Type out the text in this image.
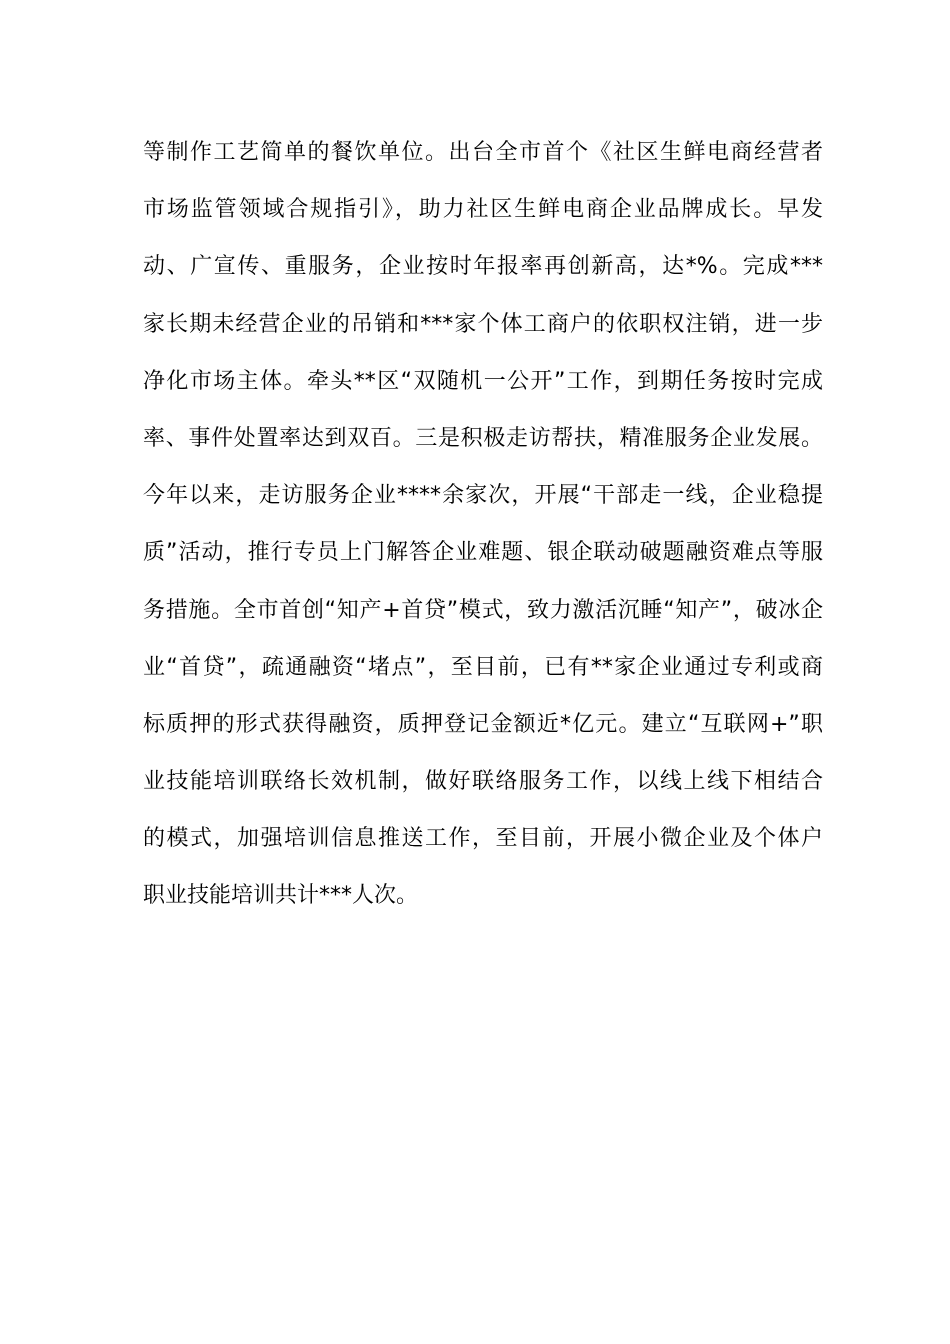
等制作工艺简单的餐饮单位。出台全市首个《社区生鲜电商经营者
市场监管领域合规指引》，助力社区生鲜电商企业品牌成长。早发
动、广宣传、重服务，企业按时年报率再创新高，达*%。完成***
家长期未经营企业的吊销和***家个体工商户的依职权注销，进一步
净化市场主体。牵头**区“双随机一公开”工作，到期任务按时完成
率、事件处置率达到双百。三是积极走访帮扶，精准服务企业发展。
今年以来，走访服务企业****余家次，开展“干部走一线，企业稳提
质”活动，推行专员上门解答企业难题、银企联动破题融资难点等服
务措施。全市首创“知产+首贷”模式，致力激活沉睡“知产”，破冰企
业“首贷”，疏通融资“堵点”，至目前，已有**家企业通过专利或商
标质押的形式获得融资，质押登记金额近*亿元。建立“互联网+”职
业技能培训联络长效机制，做好联络服务工作，以线上线下相结合
的模式，加强培训信息推送工作，至目前，开展小微企业及个体户
职业技能培训共计***人次。
